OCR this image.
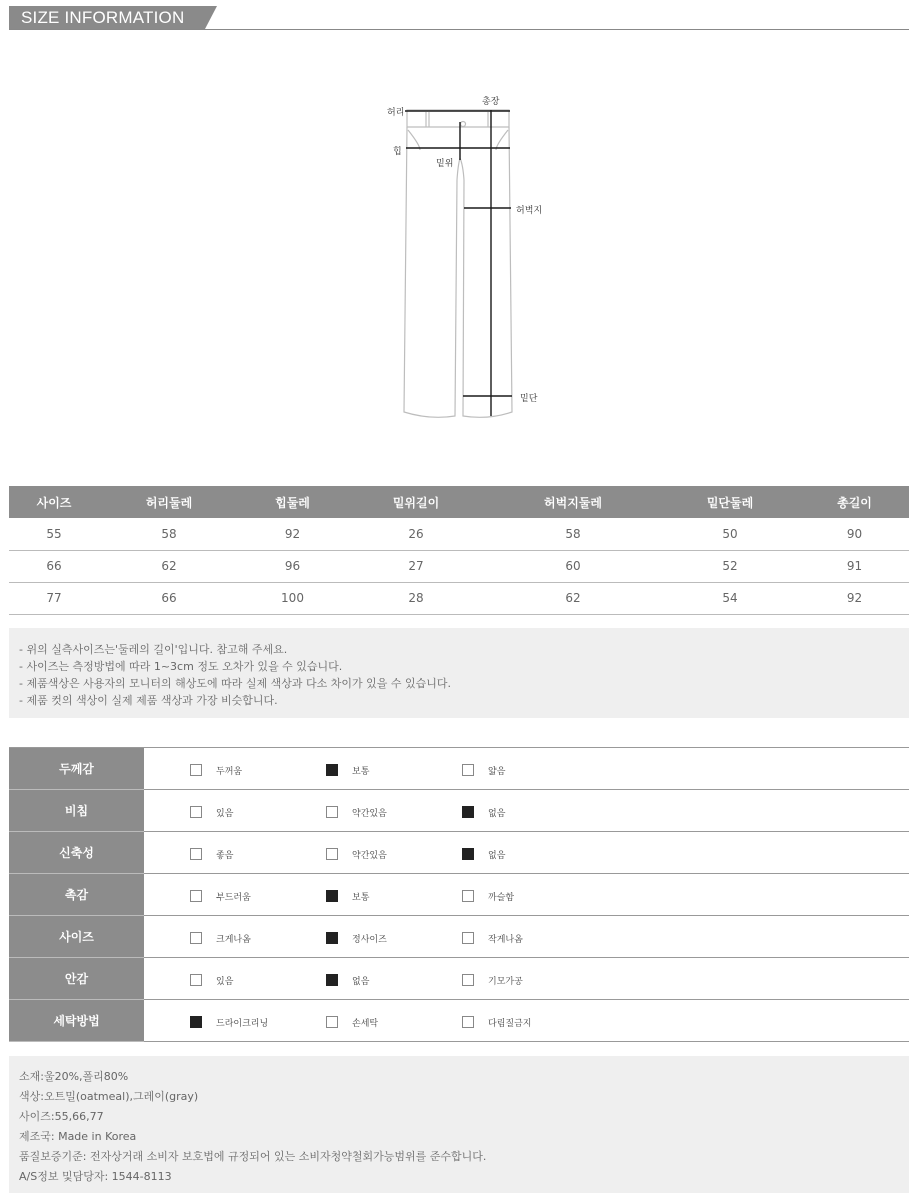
SIZE INFORMATION
허리
총장
힙
밑위
허벅지
밑단
사이즈	허리둘레	힙둘레	밑위길이	허벅지둘레	밑단둘레	총길이
55	58	92	26	58	50	90
66	62	96	27	60	52	91
77	66	100	28	62	54	92

- 위의 실측사이즈는'둘레의 길이'입니다. 참고해 주세요.

- 사이즈는 측정방법에 따라 1~3cm 정도 오차가 있을 수 있습니다.

- 제품색상은 사용자의 모니터의 해상도에 따라 실제 색상과 다소 차이가 있을 수 있습니다.

- 제품 컷의 색상이 실제 제품 색상과 가장 비슷합니다.

두께감	두꺼움 보통 얇음

비침	있음 약간있음 없음

신축성	좋음 약간있음 없음

촉감	부드러움 보통 까슬함

사이즈	크게나옴 정사이즈 작게나옴

안감	있음 없음 기모가공

세탁방법	드라이크리닝 손세탁 다림질금지

소재:울20%,폴리80%

색상:오트밀(oatmeal),그레이(gray)

사이즈:55,66,77

제조국: Made in Korea

품질보증기준: 전자상거래 소비자 보호법에 규정되어 있는 소비자청약철회가능범위를 준수합니다.

A/S정보 및담당자: 1544-8113
